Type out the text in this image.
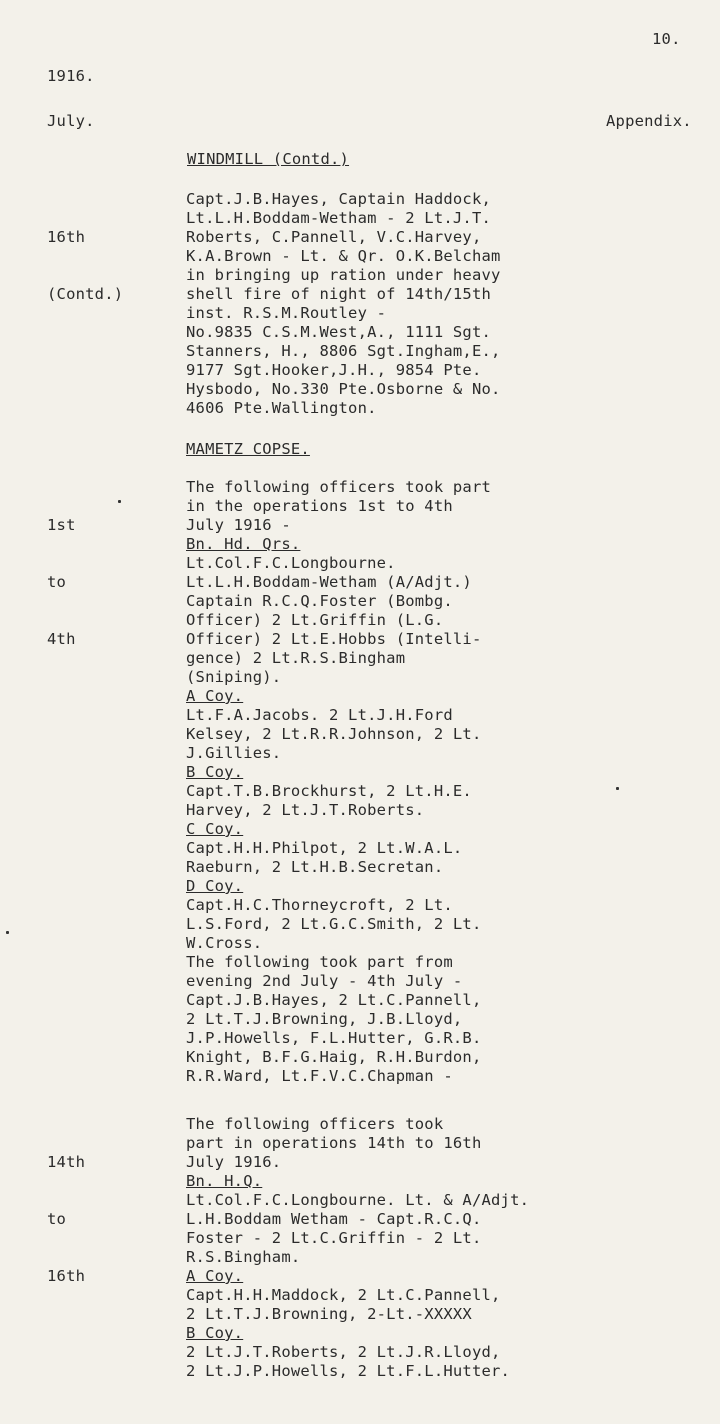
10.
1916.
July.	Appendix.
WINDMILL (Contd.)

16th

(Contd.)

Capt.J.B.Hayes, Captain Haddock,
Lt.L.H.Boddam-Wetham - 2 Lt.J.T.
Roberts, C.Pannell, V.C.Harvey,
K.A.Brown - Lt. & Qr. O.K.Belcham
in bringing up ration under heavy
shell fire of night of 14th/15th
inst. R.S.M.Routley -
No.9835 C.S.M.West,A., 1111 Sgt.
Stanners, H., 8806 Sgt.Ingham,E.,
9177 Sgt.Hooker,J.H., 9854 Pte.
Hysbodo, No.330 Pte.Osborne & No.
4606 Pte.Wallington.
MAMETZ COPSE.

1st

to

4th

The following officers took part
in the operations 1st to 4th
July 1916 -
Bn. Hd. Qrs.
Lt.Col.F.C.Longbourne.
Lt.L.H.Boddam-Wetham (A/Adjt.)
Captain R.C.Q.Foster (Bombg.
Officer) 2 Lt.Griffin (L.G.
Officer) 2 Lt.E.Hobbs (Intelli-
gence) 2 Lt.R.S.Bingham
(Sniping).
A Coy.
Lt.F.A.Jacobs. 2 Lt.J.H.Ford
Kelsey, 2 Lt.R.R.Johnson, 2 Lt.
J.Gillies.
B Coy.
Capt.T.B.Brockhurst, 2 Lt.H.E.
Harvey, 2 Lt.J.T.Roberts.
C Coy.
Capt.H.H.Philpot, 2 Lt.W.A.L.
Raeburn, 2 Lt.H.B.Secretan.
D Coy.
Capt.H.C.Thorneycroft, 2 Lt.
L.S.Ford, 2 Lt.G.C.Smith, 2 Lt.
W.Cross.
The following took part from
evening 2nd July - 4th July -
Capt.J.B.Hayes, 2 Lt.C.Pannell,
2 Lt.T.J.Browning, J.B.Lloyd,
J.P.Howells, F.L.Hutter, G.R.B.
Knight, B.F.G.Haig, R.H.Burdon,
R.R.Ward, Lt.F.V.C.Chapman -

14th

to

16th

The following officers took
part in operations 14th to 16th
July 1916.
Bn. H.Q.
Lt.Col.F.C.Longbourne. Lt. & A/Adjt.
L.H.Boddam Wetham - Capt.R.C.Q.
Foster - 2 Lt.C.Griffin - 2 Lt.
R.S.Bingham.
A Coy.
Capt.H.H.Maddock, 2 Lt.C.Pannell,
2 Lt.T.J.Browning, 2-Lt.-XXXXX
B Coy.
2 Lt.J.T.Roberts, 2 Lt.J.R.Lloyd,
2 Lt.J.P.Howells, 2 Lt.F.L.Hutter.
